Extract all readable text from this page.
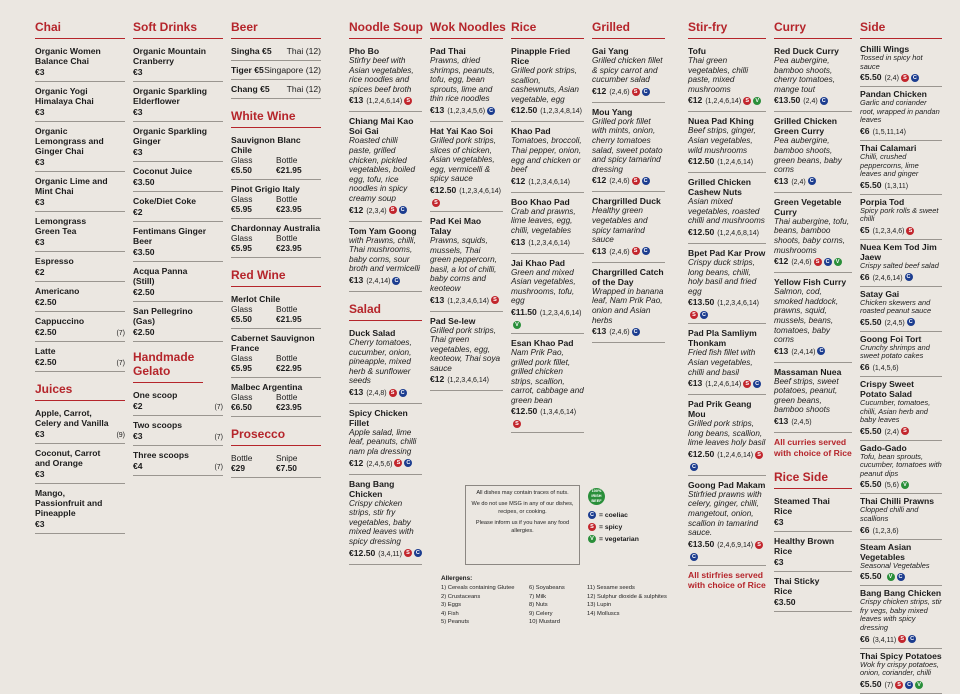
Chai
Organic Women Balance Chai
€3
Organic Yogi Himalaya Chai
€3
Organic Lemongrass and Ginger Chai
€3
Organic Lime and Mint Chai
€3
Lemongrass Green Tea
€3
Espresso
€2
Americano
€2.50
Cappuccino
€2.50	(7)
Latte
€2.50	(7)
Juices
Apple, Carrot, Celery and Vanilla
€3	(9)
Coconut, Carrot and Orange
€3
Mango, Passionfruit and Pineapple
€3
Soft Drinks
Organic Mountain Cranberry
€3
Organic Sparkling Elderflower
€3
Organic Sparkling Ginger
€3
Coconut Juice
€3.50
Coke/Diet Coke
€2
Fentimans Ginger Beer
€3.50
Acqua Panna (Still)
€2.50
San Pellegrino (Gas)
€2.50
Handmade Gelato
One scoop
€2	(7)
Two scoops
€3	(7)
Three scoops
€4	(7)
Beer
Singha €5 Thai (12)
Tiger €5 Singapore (12)
Chang €5 Thai (12)
White Wine
Sauvignon Blanc Chile
Glass	Bottle
€5.50	€21.95
Pinot Grigio Italy
Glass	Bottle
€5.95	€23.95
Chardonnay Australia
Glass	Bottle
€5.95	€23.95
Red Wine
Merlot Chile
Glass	Bottle
€5.50	€21.95
Cabernet Sauvignon France
Glass	Bottle
€5.95	€22.95
Malbec Argentina
Glass	Bottle
€6.50	€23.95
Prosecco
Bottle	Snipe
€29	€7.50
Noodle Soup
Pho Bo
Stirfry beef with Asian vegetables, rice noodles and spices beef broth
€13 (1,2,4,6,14) S
Chiang Mai Kao Soi Gai
Roasted chilli paste, grilled chicken, pickled vegetables, boiled egg, tofu, rice noodles in spicy creamy soup
€12 (2,3,4) S C
Tom Yam Goong
with Prawns, chilli, Thai mushrooms, baby corns, sour broth and vermicelli
€13 (2,4,14) C
Salad
Duck Salad
Cherry tomatoes, cucumber, onion, pineapple, mixed herb & sunflower seeds
€13 (2,4,8) S C
Spicy Chicken Fillet
Apple salad, lime leaf, peanuts, chilli nam pla dressing
€12 (2,4,5,6) S C
Bang Bang Chicken
Crispy chicken strips, stir fry vegetables, baby mixed leaves with spicy dressing
€12.50 (3,4,11) S C
Wok Noodles
Pad Thai
Prawns, dried shrimps, peanuts, tofu, egg, bean sprouts, lime and thin rice noodles
€13 (1,2,3,4,5,6) C
Hat Yai Kao Soi
Grilled pork strips, slices of chicken, Asian vegetables, egg, vermicelli & spicy sauce
€12.50 (1,2,3,4,6,14)S
Pad Kei Mao Talay
Prawns, squids, mussels, Thai green peppercorn, basil, a lot of chilli, baby corns and keoteow
€13 (1,2,3,4,6,14) S
Pad Se-lew
Grilled pork strips, Thai green vegetables, egg, keoteow, Thai soya sauce
€12 (1,2,3,4,6,14)
Rice
Pinapple Fried Rice
Grilled pork strips, scallion, cashewnuts, Asian vegetable, egg
€12.50 (1,2,3,4,8,14)
Khao Pad
Tomatoes, broccoli, Thai pepper, onion, egg and chicken or beef
€12 (1,2,3,4,6,14)
Boo Khao Pad
Crab and prawns, lime leaves, egg, chilli, vegetables
€13 (1,2,3,4,6,14)
Jai Khao Pad
Green and mixed Asian vegetables, mushrooms, tofu, egg
€11.50 (1,2,3,4,6,14)V
Esan Khao Pad
Nam Prik Pao, grilled pork fillet, grilled chicken strips, scallion, carrot, cabbage and green bean
€12.50 (1,3,4,6,14)S
Grilled
Gai Yang
Grilled chicken fillet & spicy carrot and cucumber salad
€12 (2,4,6) S C
Mou Yang
Grilled pork fillet with mints, onion, cherry tomatoes salad, sweet potato and spicy tamarind dressing
€12 (2,4,6) S C
Chargrilled Duck
Healthy green vegetables and spicy tamarind sauce
€13 (2,4,6) S C
Chargrilled Catch of the Day
Wrapped in banana leaf, Nam Prik Pao, onion and Asian herbs
€13 (2,4,6) C
Stir-fry
Tofu
Thai green vegetables, chilli paste, mixed mushrooms
€12 (1,2,4,6,14) S V
Nuea Pad Khing
Beef strips, ginger, Asian vegetables, wild mushrooms
€12.50 (1,2,4,6,14)
Grilled Chicken Cashew Nuts
Asian mixed vegetables, roasted chilli and mushrooms
€12.50 (1,2,4,6,8,14)
Bpet Pad Kar Prow
Crispy duck strips, long beans, chilli, holy basil and fried egg
€13.50 (1,2,3,4,6,14)S C
Pad Pla Samliym Thonkam
Fried fish fillet with Asian vegetables, chilli and basil
€13 (1,2,4,6,14) S C
Pad Prik Geang Mou
Grilled pork strips, long beans, scallion, lime leaves holy basil
€12.50 (1,2,4,6,14) SC
Goong Pad Makam
Stirfried prawns with celery, ginger, chilli, mangetout, onion, scallion in tamarind sauce.
€13.50 (2,4,6,9,14) SC
All stirfries served with choice of Rice
Curry
Red Duck Curry
Pea aubergine, bamboo shoots, cherry tomatoes, mange tout
€13.50 (2,4) C
Grilled Chicken Green Curry
Pea aubergine, bamboo shoots, green beans, baby corns
€13 (2,4) C
Green Vegetable Curry
Thai aubergine, tofu, beans, bamboo shoots, baby corns, mushrooms
€12 (2,4,6) S C V
Yellow Fish Curry
Salmon, cod, smoked haddock, prawns, squid, mussels, beans, tomatoes, baby corns
€13 (2,4,14) C
Massaman Nuea
Beef strips, sweet potatoes, peanut, green beans, bamboo shoots
€13 (2,4,5)
All curries served with choice of Rice
Rice Side
Steamed Thai Rice
€3
Healthy Brown Rice
€3
Thai Sticky Rice
€3.50
Side
Chilli Wings
Tossed in spicy hot sauce
€5.50 (2,4) S C
Pandan Chicken
Garlic and coriander root, wrapped in pandan leaves
€6 (1,5,11,14)
Thai Calamari
Chilli, crushed peppercorns, lime leaves and ginger
€5.50 (1,3,11)
Porpia Tod
Spicy pork rolls & sweet chilli
€5 (1,2,3,4,6) S
Nuea Kem Tod Jim Jaew
Crispy salted beef salad
€6 (2,4,6,14) C
Satay Gai
Chicken skewers and roasted peanut sauce
€5.50 (2,4,5) C
Goong Foi Tort
Crunchy shrimps and sweet potato cakes
€6 (1,4,5,6)
Crispy Sweet Potato Salad
Cucumber, tomatoes, chilli, Asian herb and baby leaves
€5.50 (2,4) S
Gado-Gado
Tofu, bean sprouts, cucumber, tomatoes with peanut dips
€5.50 (5,6) V
Thai Chilli Prawns
Clopped chilli and scallions
€6 (1,2,3,6)
Steam Asian Vegetables
Seasonal Vegetables
€5.50 V C
Bang Bang Chicken
Crispy chicken strips, stir fry vegs, baby mixed leaves with spicy dressing
€6 (3,4,11) S C
Thai Spicy Potatoes
Wok fry crispy potatoes, onion, coriander, chilli
€5.50 (7) S C V
All dishes may contain traces of nuts.
We do not use MSG in any of our dishes, recipes, or cooking.
Please inform us if you have any food allergies.
100%
IRISH
BEEF
C = coeliac
S = spicy
V = vegetarian
Allergens:
1) Cereals containing Glutee	6) Soyabeans	11) Sesame seeds
2) Crustaceans	7) Milk	12) Sulphur dioxide & sulphites
3) Eggs	8) Nuts	13) Lupin
4) Fish	9) Celery	14) Molluscs
5) Peanuts	10) Mustard
